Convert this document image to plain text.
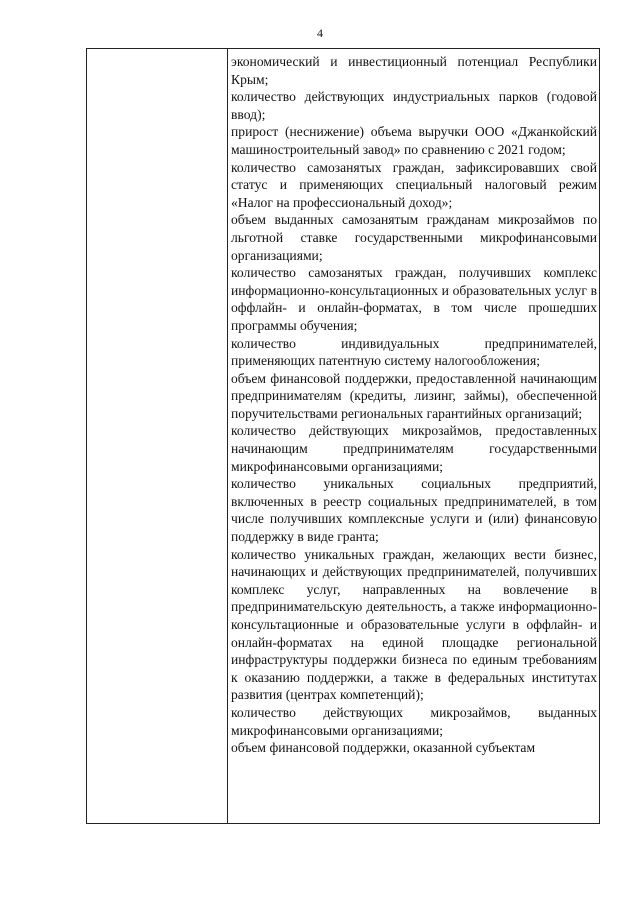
4

экономический и инвестиционный потенциал Республики Крым;

количество действующих индустриальных парков (годовой ввод);

прирост (неснижение) объема выручки ООО «Джанкойский машиностроительный завод» по сравнению с 2021 годом;

количество самозанятых граждан, зафиксировавших свой статус и применяющих специальный налоговый режим «Налог на профессиональный доход»;

объем выданных самозанятым гражданам микрозаймов по льготной ставке государственными микрофинансовыми организациями;

количество самозанятых граждан, получивших комплекс информационно-консультационных и образовательных услуг в оффлайн- и онлайн-форматах, в том числе прошедших программы обучения;

количество индивидуальных предпринимателей, применяющих патентную систему налогообложения;

объем финансовой поддержки, предоставленной начинающим предпринимателям (кредиты, лизинг, займы), обеспеченной поручительствами региональных гарантийных организаций;

количество действующих микрозаймов, предоставленных начинающим предпринимателям государственными микрофинансовыми организациями;

количество уникальных социальных предприятий, включенных в реестр социальных предпринимателей, в том числе получивших комплексные услуги и (или) финансовую поддержку в виде гранта;

количество уникальных граждан, желающих вести бизнес, начинающих и действующих предпринимателей, получивших комплекс услуг, направленных на вовлечение в предпринимательскую деятельность, а также информационно-консультационные и образовательные услуги в оффлайн- и онлайн-форматах на единой площадке региональной инфраструктуры поддержки бизнеса по единым требованиям к оказанию поддержки, а также в федеральных институтах развития (центрах компетенций);

количество действующих микрозаймов, выданных микрофинансовыми организациями;

объем финансовой поддержки, оказанной субъектам
